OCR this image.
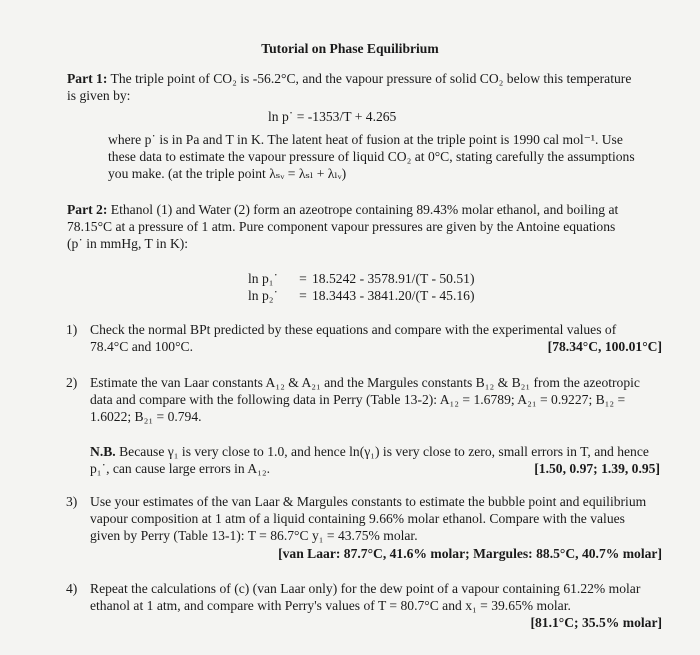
Tutorial on Phase Equilibrium
Part 1: The triple point of CO₂ is -56.2°C, and the vapour pressure of solid CO₂ below this temperature
is given by:
ln p˙ = -1353/T + 4.265
where p˙ is in Pa and T in K. The latent heat of fusion at the triple point is 1990 cal mol⁻¹. Use
these data to estimate the vapour pressure of liquid CO₂ at 0°C, stating carefully the assumptions
you make. (at the triple point λₛᵥ = λₛₗ + λₗᵥ)
Part 2: Ethanol (1) and Water (2) form an azeotrope containing 89.43% molar ethanol, and boiling at
78.15°C at a pressure of 1 atm. Pure component vapour pressures are given by the Antoine equations
(p˙ in mmHg, T in K):
ln p₁˙	= 18.5242 - 3578.91/(T - 50.51)
ln p₂˙	= 18.3443 - 3841.20/(T - 45.16)
1) Check the normal BPt predicted by these equations and compare with the experimental values of
78.4°C and 100°C.	[78.34°C, 100.01°C]
2) Estimate the van Laar constants A₁₂ & A₂₁ and the Margules constants B₁₂ & B₂₁ from the azeotropic
data and compare with the following data in Perry (Table 13-2): A₁₂ = 1.6789; A₂₁ = 0.9227; B₁₂ =
1.6022; B₂₁ = 0.794.
N.B. Because γ₁ is very close to 1.0, and hence ln(γ₁) is very close to zero, small errors in T, and hence
p₁˙, can cause large errors in A₁₂.	[1.50, 0.97; 1.39, 0.95]
3) Use your estimates of the van Laar & Margules constants to estimate the bubble point and equilibrium
vapour composition at 1 atm of a liquid containing 9.66% molar ethanol. Compare with the values
given by Perry (Table 13-1): T = 86.7°C y₁ = 43.75% molar.
[van Laar: 87.7°C, 41.6% molar; Margules: 88.5°C, 40.7% molar]
4) Repeat the calculations of (c) (van Laar only) for the dew point of a vapour containing 61.22% molar
ethanol at 1 atm, and compare with Perry's values of T = 80.7°C and x₁ = 39.65% molar.
[81.1°C; 35.5% molar]
